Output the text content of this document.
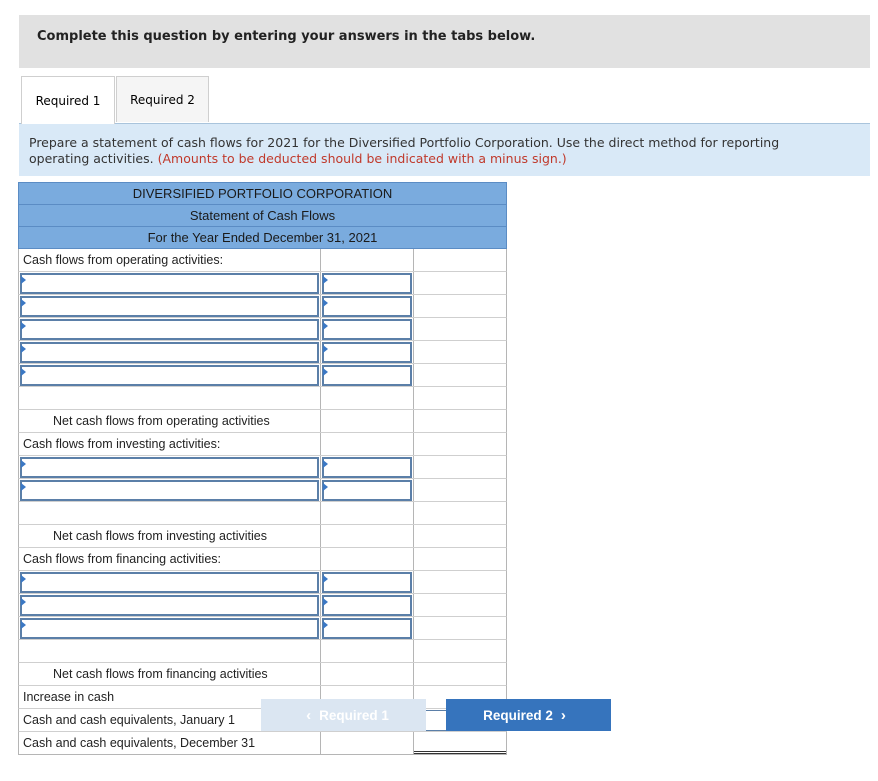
Complete this question by entering your answers in the tabs below.
Required 1	Required 2

Prepare a statement of cash flows for 2021 for the Diversified Portfolio Corporation. Use the direct method for reporting operating activities. (Amounts to be deducted should be indicated with a minus sign.)

DIVERSIFIED PORTFOLIO CORPORATION
Statement of Cash Flows
For the Year Ended December 31, 2021
Cash flows from operating activities:
Net cash flows from operating activities
Cash flows from investing activities:
Net cash flows from investing activities
Cash flows from financing activities:
Net cash flows from financing activities
Increase in cash
Cash and cash equivalents, January 1
Cash and cash equivalents, December 31
‹ Required 1	Required 2 ›
